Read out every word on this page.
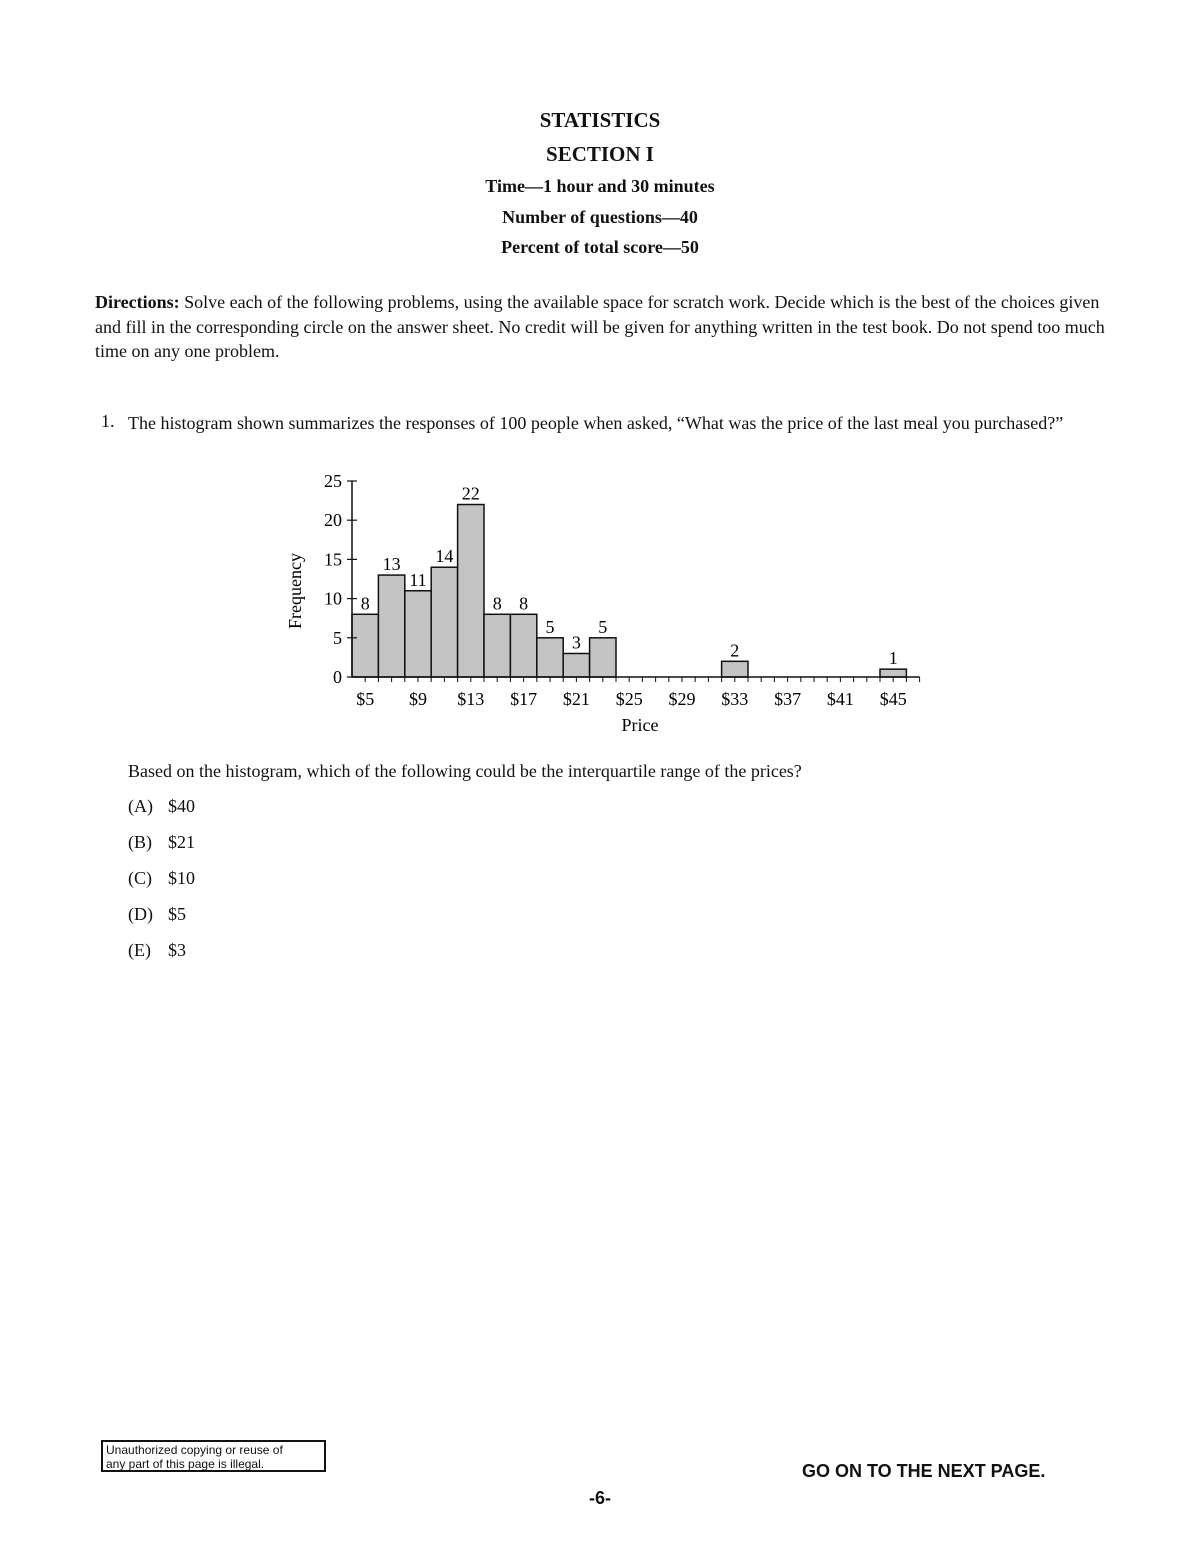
STATISTICS
SECTION I
Time—1 hour and 30 minutes
Number of questions—40
Percent of total score—50
Directions: Solve each of the following problems, using the available space for scratch work. Decide which is the best of the choices given and fill in the corresponding circle on the answer sheet. No credit will be given for anything written in the test book. Do not spend too much time on any one problem.
1. The histogram shown summarizes the responses of 100 people when asked, “What was the price of the last meal you purchased?”
0
5
10
15
20
25
$5 $9 $13 $17 $21 $25 $29 $33 $37 $41 $45
8
13
11
14
22
8 8
5
3
5
2	1
Price
Frequency
Based on the histogram, which of the following could be the interquartile range of the prices?
(A) $40
(B) $21
(C) $10
(D) $5
(E) $3
Unauthorized copying or reuse of
any part of this page is illegal.	GO ON TO THE NEXT PAGE.
-6-
